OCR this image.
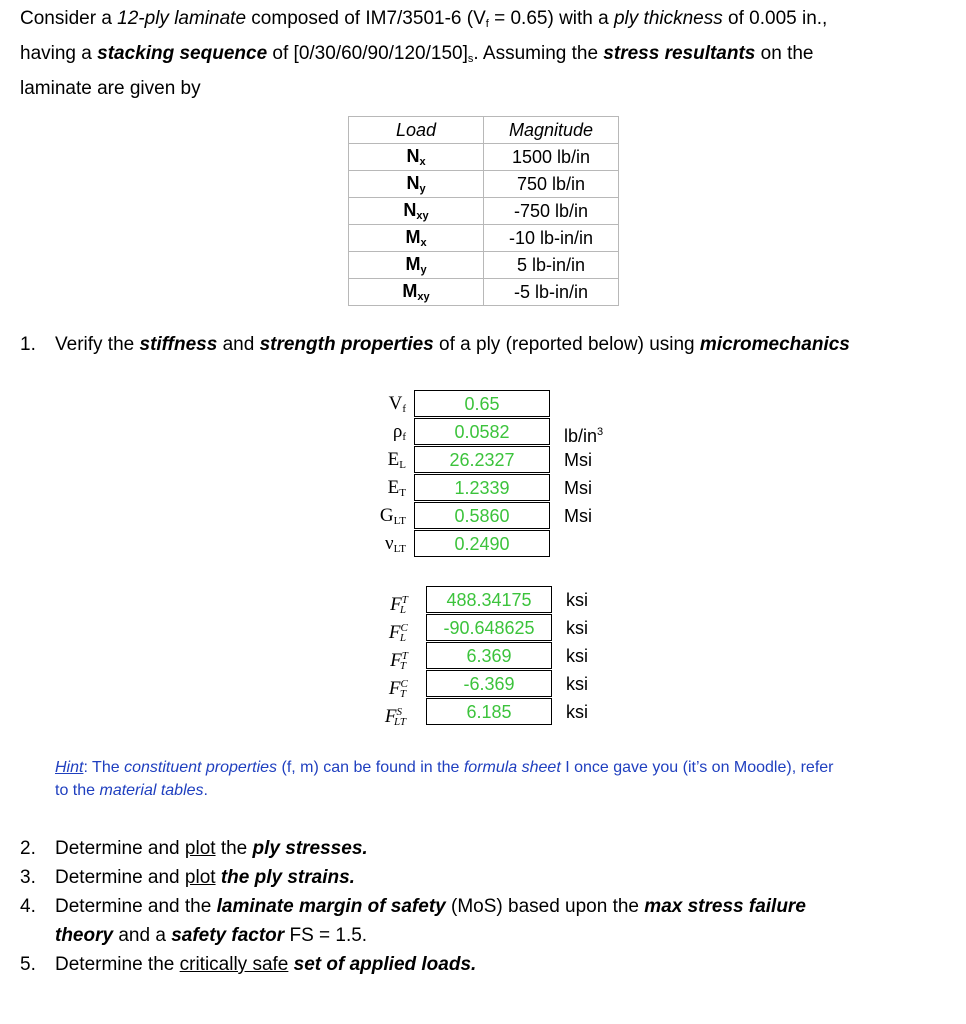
Consider a 12-ply laminate composed of IM7/3501-6 $(V_f = 0.65)$ with a ply thickness of 0.005 in.,
having a stacking sequence of $[0/30/60/90/120/150]_s$. Assuming the stress resultants on the
laminate are given by
Load	Magnitude
$N_x$	1500 lb/in
$N_y$	750 lb/in
$N_{xy}$	-750 lb/in
$M_x$	-10 lb-in/in
$M_y$	5 lb-in/in
$M_{xy}$	-5 lb-in/in
1. Verify the stiffness and strength properties of a ply (reported below) using micromechanics
$V_f$	0.65
$\rho_f$	0.0582	$lb/in^3$
$E_L$	26.2327	Msi
$E_T$	1.2339	Msi
$G_{LT}$	0.5860	Msi
$\nu_{LT}$	0.2490
$F^T_L$	488.34175	ksi
$F^C_L$	-90.648625	ksi
$F^T_T$	6.369	ksi
$F^C_T$	-6.369	ksi
$F^S_{LT}$	6.185	ksi
Hint: The constituent properties (f, m) can be found in the formula sheet I once gave you (it’s on Moodle), refer
to the material tables.
2. Determine and plot the ply stresses.
3. Determine and plot the ply strains.
4. Determine and the laminate margin of safety (MoS) based upon the max stress failure
theory and a safety factor FS = 1.5.
5. Determine the critically safe set of applied loads.
